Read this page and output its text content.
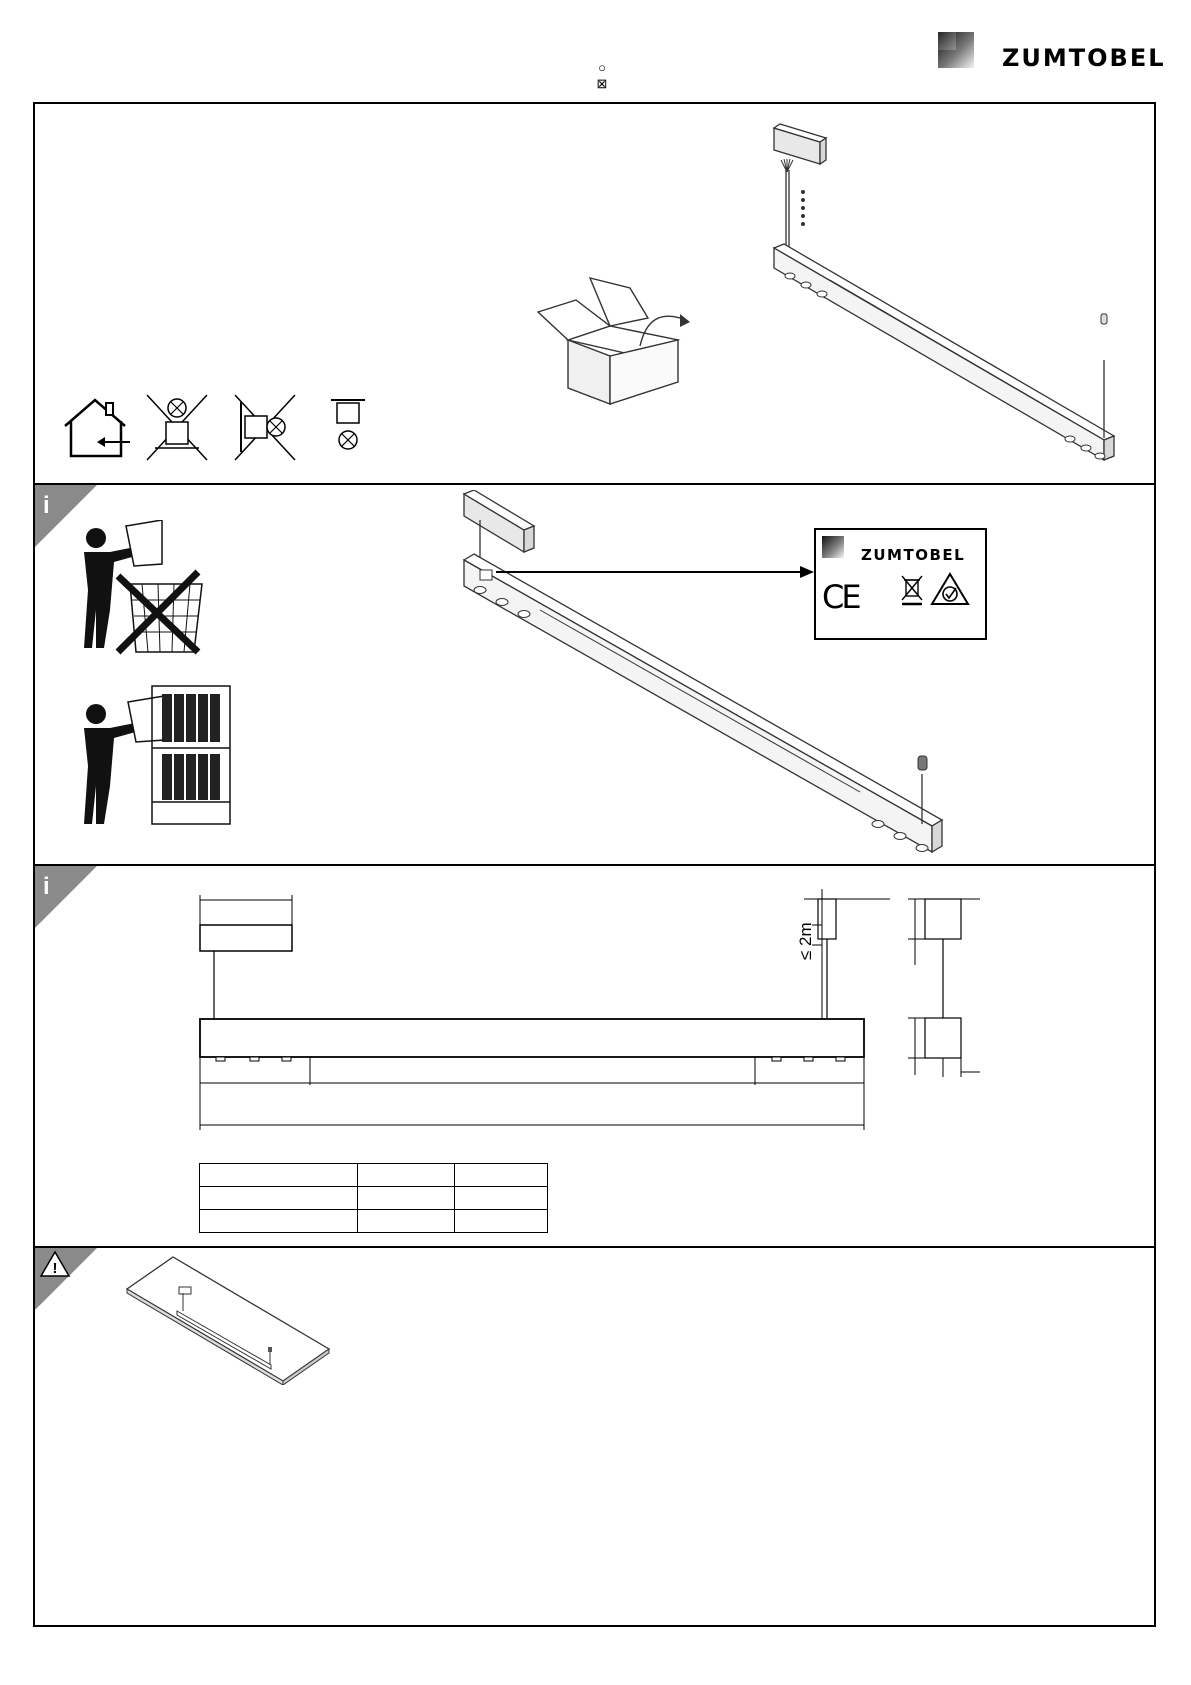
○
⊠
ZUMTOBEL
i
i
!
ZUMTOBEL
CE
≤ 2m
